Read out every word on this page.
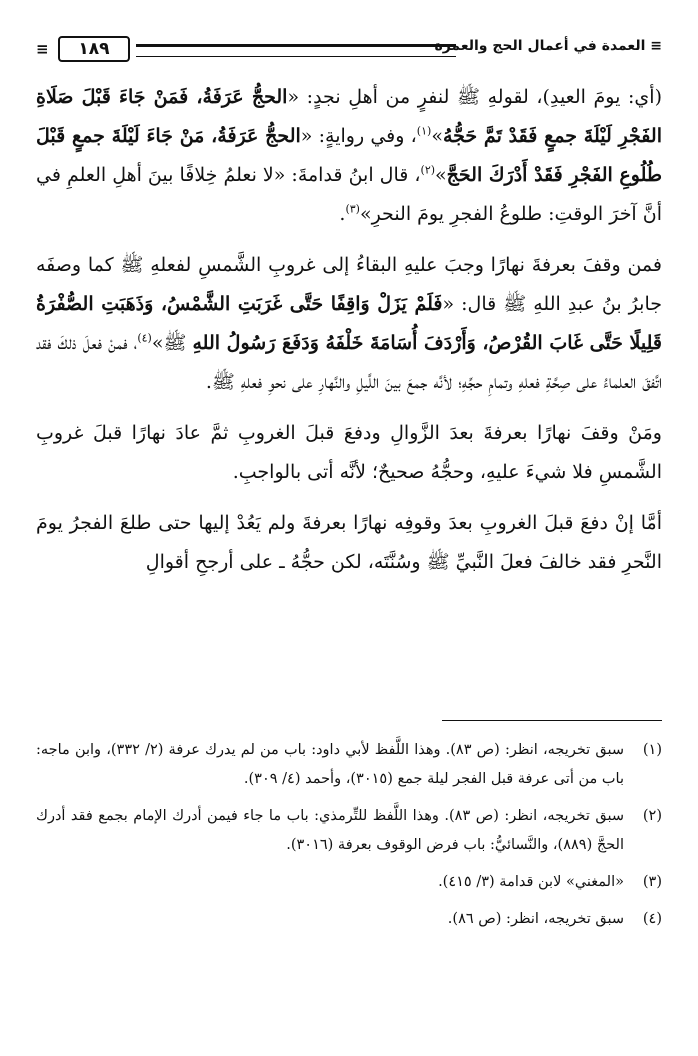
≡ العمدة في أعمال الحج والعمرة
١٨٩
≡

(أي: يومَ العيدِ)، لقولهِ ﷺ لنفرٍ من أهلِ نجدٍ: «الحجُّ عَرَفَةُ، فَمَنْ جَاءَ قَبْلَ صَلَاةِ الفَجْرِ لَيْلَةَ جمعٍ فَقَدْ تَمَّ حَجُّهُ»$^{(١)}$، وفي روايةٍ: «الحجُّ عَرَفَةُ، مَنْ جَاءَ لَيْلَةَ جمعٍ قَبْلَ طُلُوعِ الفَجْرِ فَقَدْ أَدْرَكَ الحَجَّ»$^{(٢)}$، قال ابنُ قدامةَ: «لا نعلمُ خِلافًا بينَ أهلِ العلمِ في أنَّ آخرَ الوقتِ: طلوعُ الفجرِ يومَ النحرِ»$^{(٣)}$.

فمن وقفَ بعرفةَ نهارًا وجبَ عليهِ البقاءُ إلى غروبِ الشَّمسِ لفعلهِ ﷺ كما وصفَه جابرُ بنُ عبدِ اللهِ ﷺ قال: «فَلَمْ يَزَلْ وَاقِفًا حَتَّى غَرَبَتِ الشَّمْسُ، وَذَهَبَتِ الصُّفْرَةُ قَلِيلًا حَتَّى غَابَ القُرْصُ، وَأَرْدَفَ أُسَامَةَ خَلْفَهُ وَدَفَعَ رَسُولُ اللهِ ﷺ»$^{(٤)}$، فمنْ فعلَ ذلكَ فقد اتَّفقَ العلماءُ على صِحَّةِ فعلهِ وتمامِ حجِّهِ؛ لأنَّه جمعَ بينَ اللَّيلِ والنَّهارِ على نحوِ فعلهِ ﷺ.

ومَنْ وقفَ نهارًا بعرفةَ بعدَ الزَّوالِ ودفعَ قبلَ الغروبِ ثمَّ عادَ نهارًا قبلَ غروبِ الشَّمسِ فلا شيءَ عليهِ، وحجُّهُ صحيحٌ؛ لأنَّه أتى بالواجبِ.

أمَّا إنْ دفعَ قبلَ الغروبِ بعدَ وقوفِه نهارًا بعرفةَ ولم يَعُدْ إليها حتى طلعَ الفجرُ يومَ النَّحرِ فقد خالفَ فعلَ النَّبيِّ ﷺ وسُنَّتَه، لكن حجُّهُ ـ على أرجحِ أقوالِ

(١)
سبق تخريجه، انظر: (ص ٨٣). وهذا اللَّفظ لأبي داود: باب من لم يدرك عرفة (٢/ ٣٣٢)، وابن ماجه: باب من أتى عرفة قبل الفجر ليلة جمع (٣٠١٥)، وأحمد (٤/ ٣٠٩).
(٢)
سبق تخريجه، انظر: (ص ٨٣). وهذا اللَّفظ للتِّرمذي: باب ما جاء فيمن أدرك الإمام بجمع فقد أدرك الحجَّ (٨٨٩)، والنَّسائيُّ: باب فرض الوقوف بعرفة (٣٠١٦).
(٣)
«المغني» لابن قدامة (٣/ ٤١٥).
(٤)
سبق تخريجه، انظر: (ص ٨٦).
